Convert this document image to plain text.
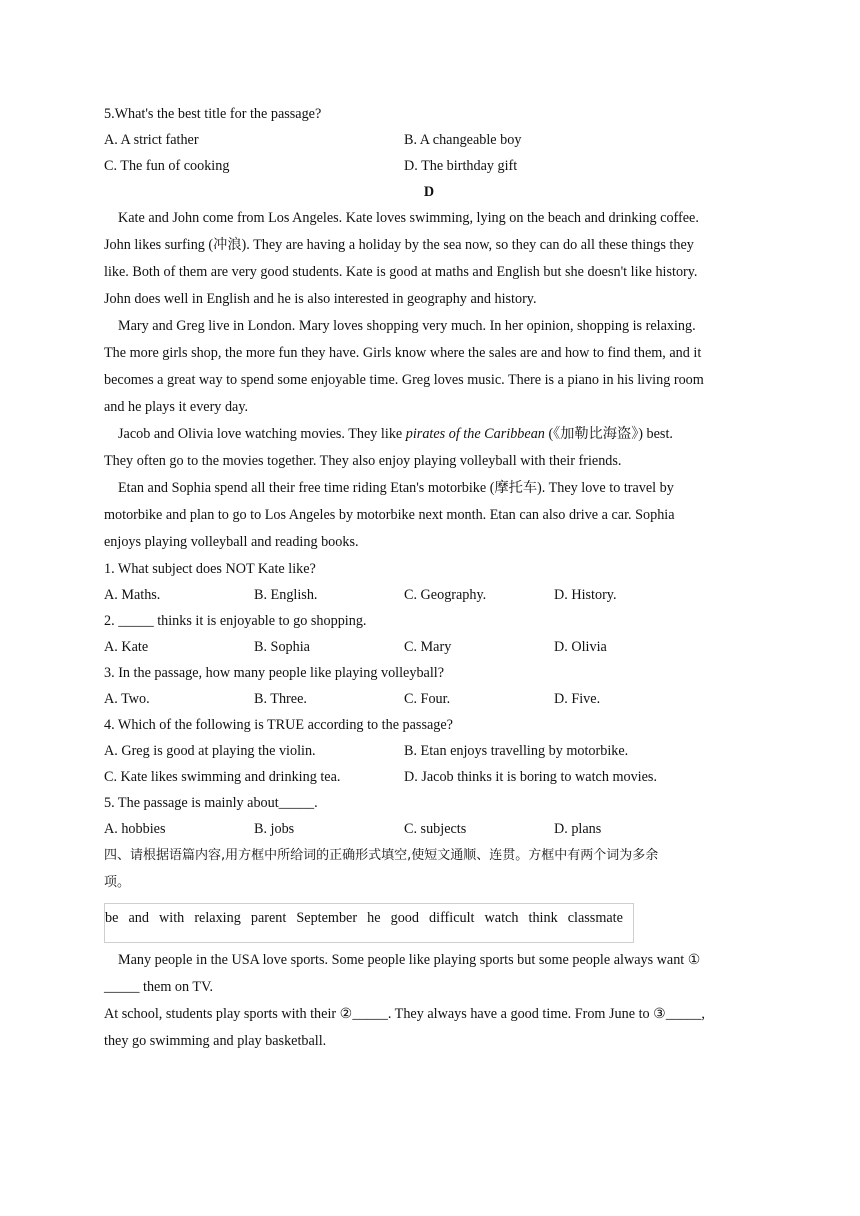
5.What's the best title for the passage?
A. A strict father	B. A changeable boy
C. The fun of cooking	D. The birthday gift
D
Kate and John come from Los Angeles. Kate loves swimming, lying on the beach and drinking coffee.
John likes surfing (冲浪). They are having a holiday by the sea now, so they can do all these things they
like. Both of them are very good students. Kate is good at maths and English but she doesn't like history.
John does well in English and he is also interested in geography and history.
Mary and Greg live in London. Mary loves shopping very much. In her opinion, shopping is relaxing.
The more girls shop, the more fun they have. Girls know where the sales are and how to find them, and it
becomes a great way to spend some enjoyable time. Greg loves music. There is a piano in his living room
and he plays it every day.
Jacob and Olivia love watching movies. They like pirates of the Caribbean (《加勒比海盗》) best.
They often go to the movies together. They also enjoy playing volleyball with their friends.
Etan and Sophia spend all their free time riding Etan's motorbike (摩托车). They love to travel by
motorbike and plan to go to Los Angeles by motorbike next month. Etan can also drive a car. Sophia
enjoys playing volleyball and reading books.
1. What subject does NOT Kate like?
A. Maths.	B. English.	C. Geography.	D. History.
2. _____ thinks it is enjoyable to go shopping.
A. Kate	B. Sophia	C. Mary	D. Olivia
3. In the passage, how many people like playing volleyball?
A. Two.	B. Three.	C. Four.	D. Five.
4. Which of the following is TRUE according to the passage?
A. Greg is good at playing the violin.	B. Etan enjoys travelling by motorbike.
C. Kate likes swimming and drinking tea.	D. Jacob thinks it is boring to watch movies.
5. The passage is mainly about_____.
A. hobbies	B. jobs	C. subjects	D. plans
四、请根据语篇内容,用方框中所给词的正确形式填空,使短文通顺、连贯。方框中有两个词为多余
项。
be and with relaxing parent September he good difficult watch think classmate
Many people in the USA love sports. Some people like playing sports but some people always want ①
_____ them on TV.
At school, students play sports with their ②_____. They always have a good time. From June to ③_____,
they go swimming and play basketball.
